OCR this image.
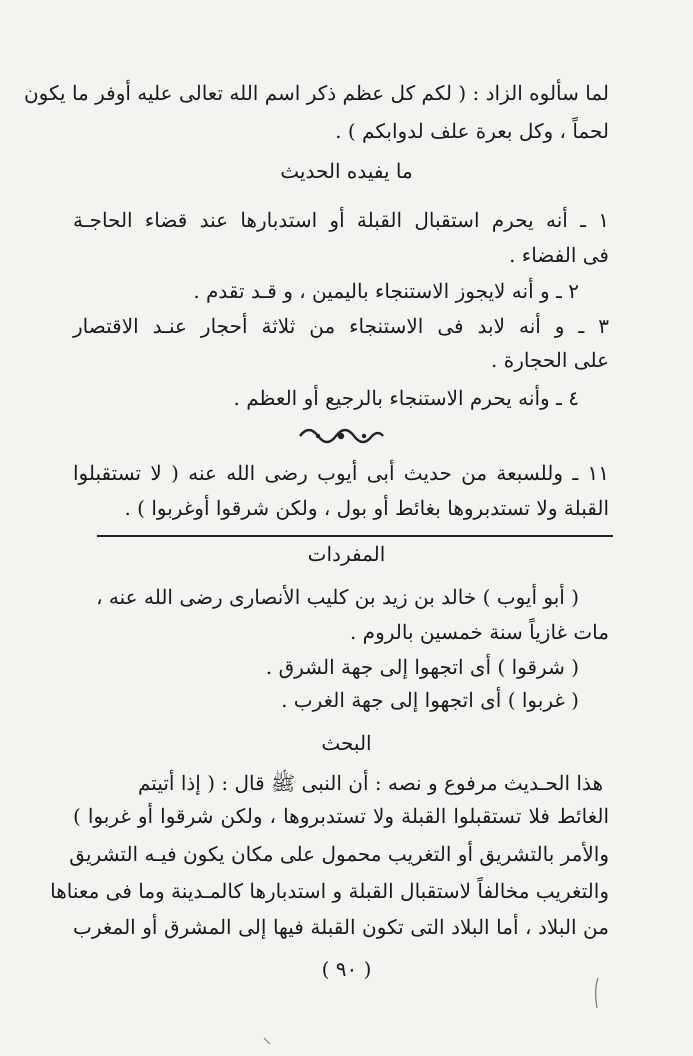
لما سألوه الزاد : ( لكم كل عظم ذكر اسم الله تعالى عليه أوفر ما يكون
لحماً ، وكل بعرة علف لدوابكم ) .
ما يفيده الحديث
١ ـ أنه يحرم استقبال القبلة أو استدبارها عند قضاء الحاجـة
فى الفضاء .
٢ ـ و أنه لايجوز الاستنجاء باليمين ، و قـد تقدم .
٣ ـ و أنه لابد فى الاستنجاء من ثلاثة أحجار عنـد الاقتصار
على الحجارة .
٤ ـ وأنه يحرم الاستنجاء بالرجيع أو العظم .
١١ ـ وللسبعة من حديث أبى أيوب رضى الله عنه ( لا تستقبلوا
القبلة ولا تستدبروها بغائط أو بول ، ولكن شرقوا أوغربوا ) .
المفردات
( أبو أيوب ) خالد بن زيد بن كليب الأنصارى رضى الله عنه ،
مات غازياً سنة خمسين بالروم .
( شرقوا ) أى اتجهوا إلى جهة الشرق .
( غربوا ) أى اتجهوا إلى جهة الغرب .
البحث
هذا الحـديث مرفوع و نصه : أن النبى ﷺ قال : ( إذا أتيتم
الغائط فلا تستقبلوا القبلة ولا تستدبروها ، ولكن شرقوا أو غربوا )
والأمر بالتشريق أو التغريب محمول على مكان يكون فيـه التشريق
والتغريب مخالفاً لاستقبال القبلة و استدبارها كالمـدينة وما فى معناها
من البلاد ، أما البلاد التى تكون القبلة فيها إلى المشرق أو المغرب
( ٩٠ )
